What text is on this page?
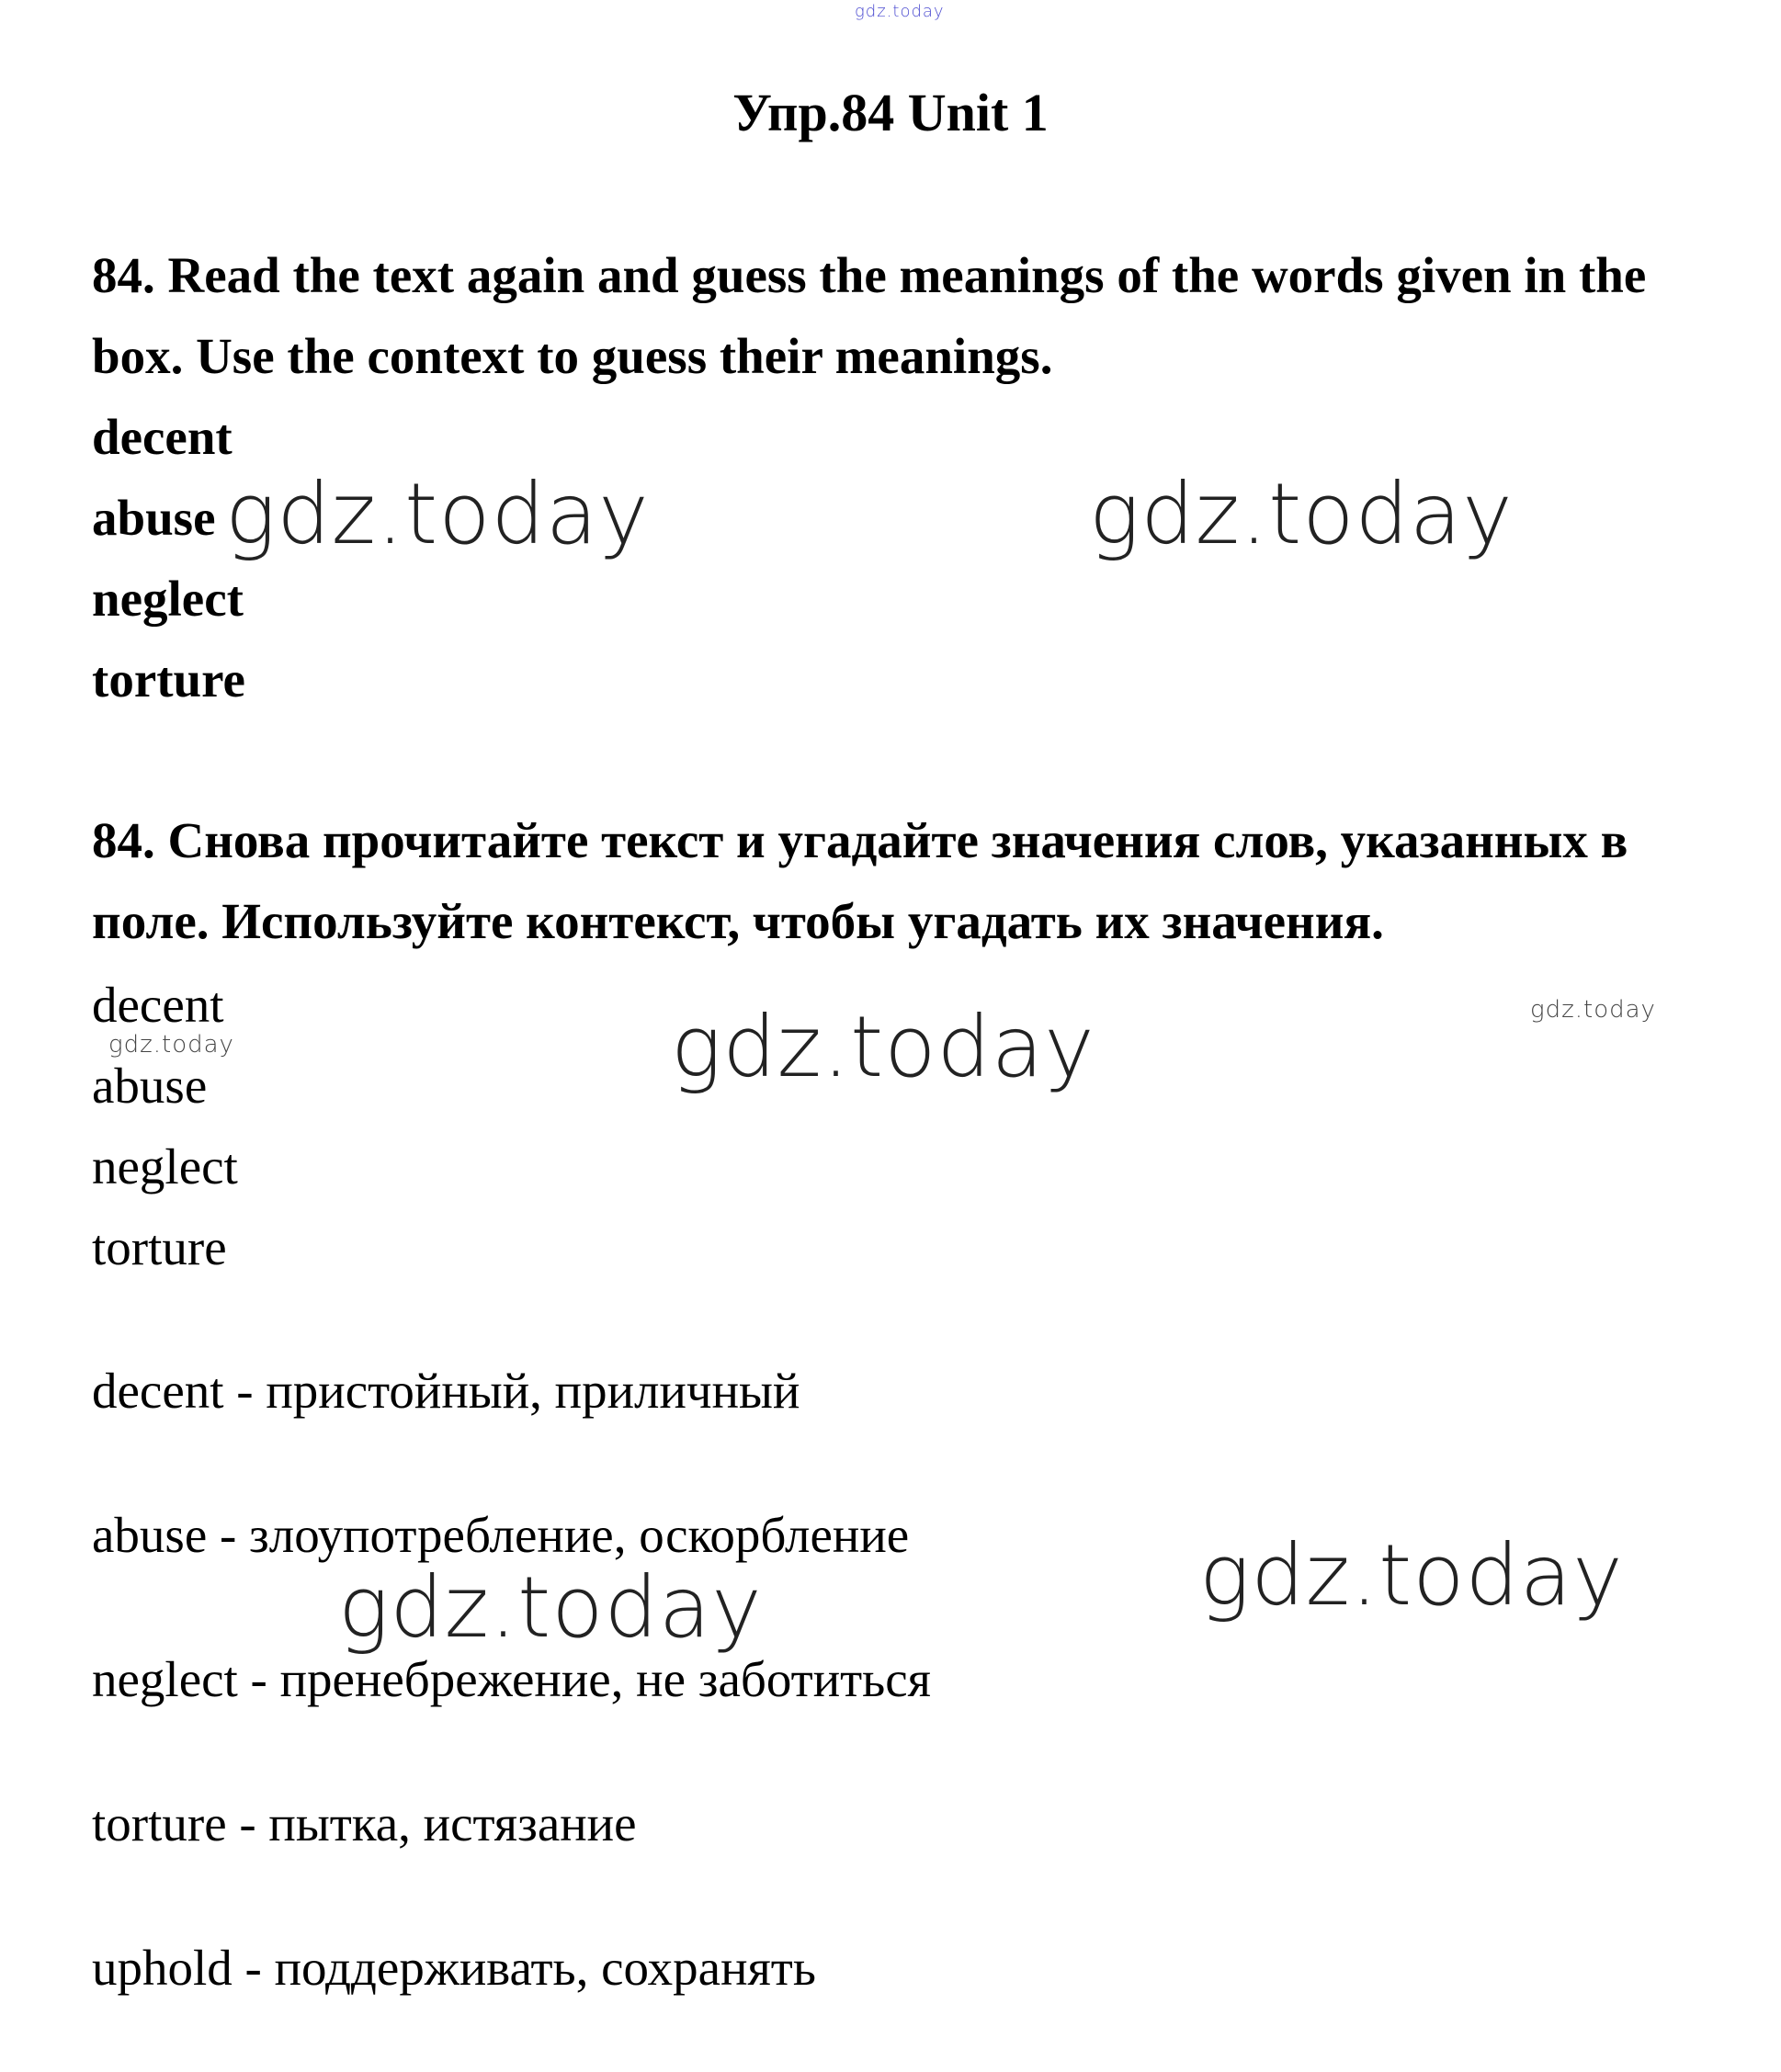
gdz.today
Упр.84 Unit 1
84. Read the text again and guess the meanings of the words given in the box. Use the context to guess their meanings.
decent
abuse
neglect
torture
84. Снова прочитайте текст и угадайте значения слов, указанных в поле. Используйте контекст, чтобы угадать их значения.
decent
abuse
neglect
torture
decent - пристойный, приличный
abuse - злоупотребление, оскорбление
neglect - пренебрежение, не заботиться
torture - пытка, истязание
uphold - поддерживать, сохранять
gdz.today	gdz.today
gdz.today	gdz.today
gdz.today
gdz.today
gdz.today
